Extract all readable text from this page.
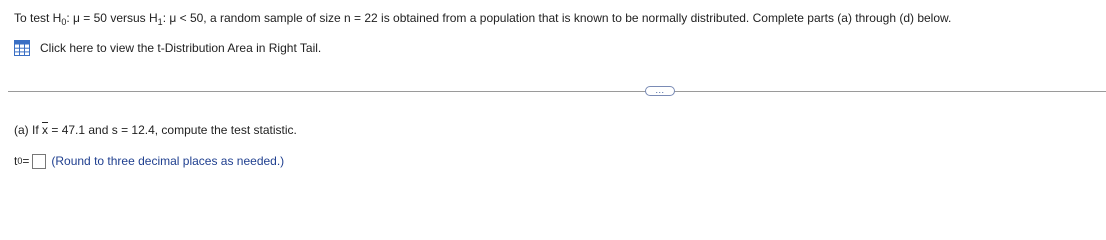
To test $H_0$: μ = 50 versus $H_1$: μ < 50, a random sample of size n = 22 is obtained from a population that is known to be normally distributed. Complete parts (a) through (d) below.
Click here to view the t-Distribution Area in Right Tail.
...
(a) If $\overline{x} = 47.1$ and s = 12.4, compute the test statistic.
t 0 = (Round to three decimal places as needed.)
